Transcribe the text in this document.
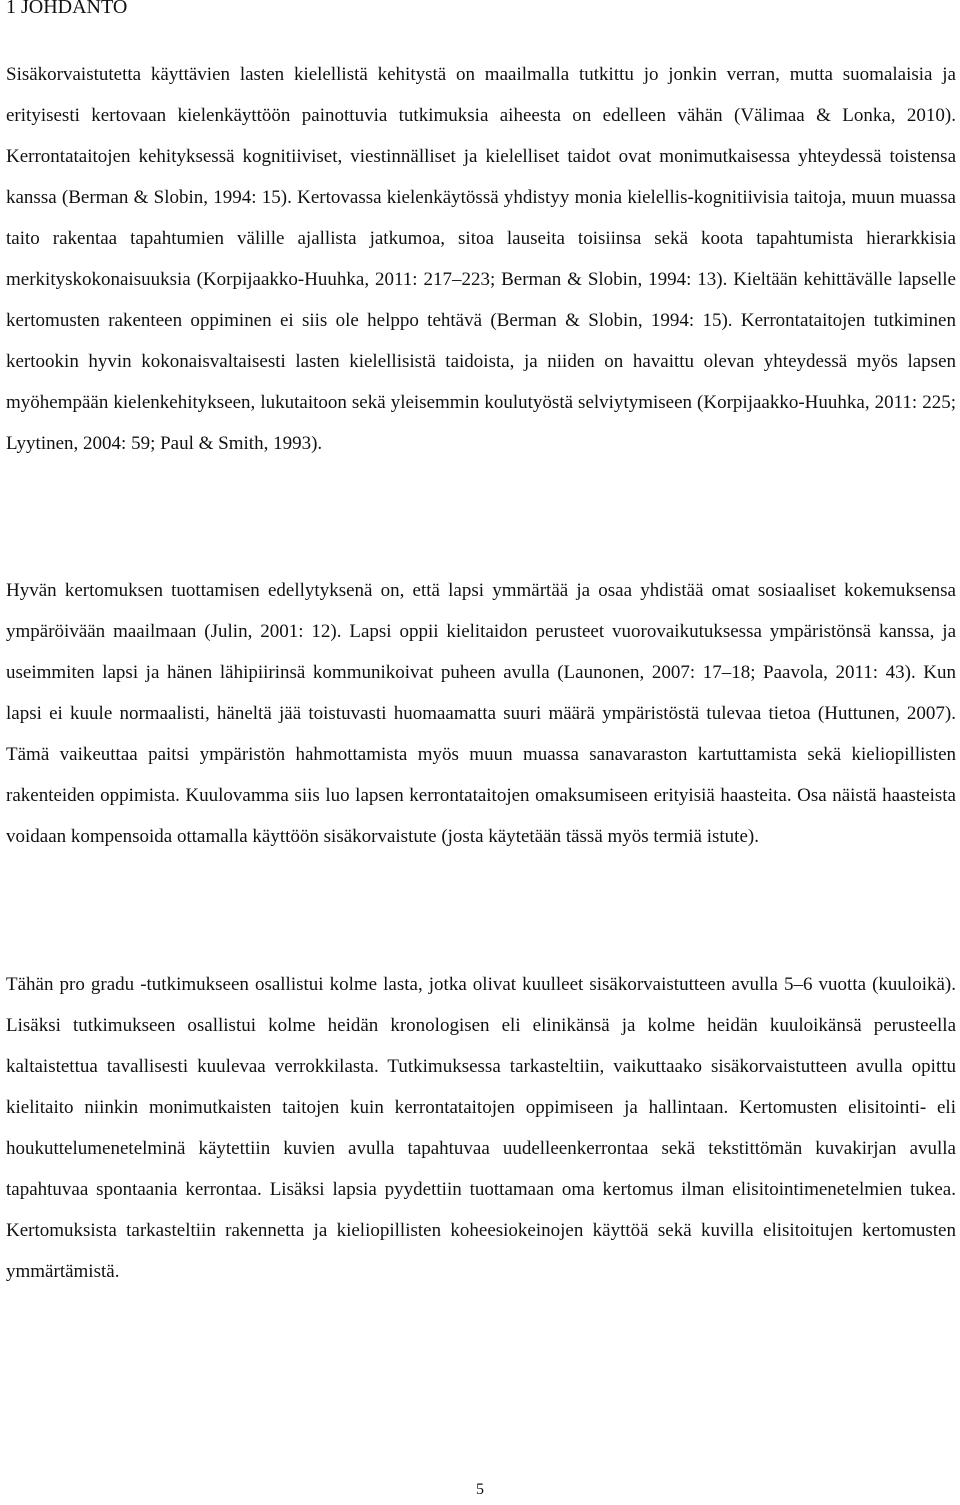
1 JOHDANTO

Sisäkorvaistutetta käyttävien lasten kielellistä kehitystä on maailmalla tutkittu jo jonkin verran, mutta suomalaisia ja erityisesti kertovaan kielenkäyttöön painottuvia tutkimuksia aiheesta on edelleen vähän (Välimaa & Lonka, 2010). Kerrontataitojen kehityksessä kognitiiviset, viestinnälliset ja kielelliset taidot ovat monimutkaisessa yhteydessä toistensa kanssa (Berman & Slobin, 1994: 15). Kertovassa kielenkäytössä yhdistyy monia kielellis-kognitiivisia taitoja, muun muassa taito rakentaa tapahtumien välille ajallista jatkumoa, sitoa lauseita toisiinsa sekä koota tapahtumista hierarkkisia merkityskokonaisuuksia (Korpijaakko-Huuhka, 2011: 217–223; Berman & Slobin, 1994: 13). Kieltään kehittävälle lapselle kertomusten rakenteen oppiminen ei siis ole helppo tehtävä (Berman & Slobin, 1994: 15). Kerrontataitojen tutkiminen kertookin hyvin kokonaisvaltaisesti lasten kielellisistä taidoista, ja niiden on havaittu olevan yhteydessä myös lapsen myöhempään kielenkehitykseen, lukutaitoon sekä yleisemmin koulutyöstä selviytymiseen (Korpijaakko-Huuhka, 2011: 225; Lyytinen, 2004: 59; Paul & Smith, 1993).

Hyvän kertomuksen tuottamisen edellytyksenä on, että lapsi ymmärtää ja osaa yhdistää omat sosiaaliset kokemuksensa ympäröivään maailmaan (Julin, 2001: 12). Lapsi oppii kielitaidon perusteet vuorovaikutuksessa ympäristönsä kanssa, ja useimmiten lapsi ja hänen lähipiirinsä kommunikoivat puheen avulla (Launonen, 2007: 17–18; Paavola, 2011: 43). Kun lapsi ei kuule normaalisti, häneltä jää toistuvasti huomaamatta suuri määrä ympäristöstä tulevaa tietoa (Huttunen, 2007). Tämä vaikeuttaa paitsi ympäristön hahmottamista myös muun muassa sanavaraston kartuttamista sekä kieliopillisten rakenteiden oppimista. Kuulovamma siis luo lapsen kerrontataitojen omaksumiseen erityisiä haasteita. Osa näistä haasteista voidaan kompensoida ottamalla käyttöön sisäkorvaistute (josta käytetään tässä myös termiä istute).

Tähän pro gradu -tutkimukseen osallistui kolme lasta, jotka olivat kuulleet sisäkorvaistutteen avulla 5–6 vuotta (kuuloikä). Lisäksi tutkimukseen osallistui kolme heidän kronologisen eli elinikänsä ja kolme heidän kuuloikänsä perusteella kaltaistettua tavallisesti kuulevaa verrokkilasta. Tutkimuksessa tarkasteltiin, vaikuttaako sisäkorvaistutteen avulla opittu kielitaito niinkin monimutkaisten taitojen kuin kerrontataitojen oppimiseen ja hallintaan. Kertomusten elisitointi- eli houkuttelumenetelminä käytettiin kuvien avulla tapahtuvaa uudelleenkerrontaa sekä tekstittömän kuvakirjan avulla tapahtuvaa spontaania kerrontaa. Lisäksi lapsia pyydettiin tuottamaan oma kertomus ilman elisitointimenetelmien tukea. Kertomuksista tarkasteltiin rakennetta ja kieliopillisten koheesiokeinojen käyttöä sekä kuvilla elisitoitujen kertomusten ymmärtämistä.

5
